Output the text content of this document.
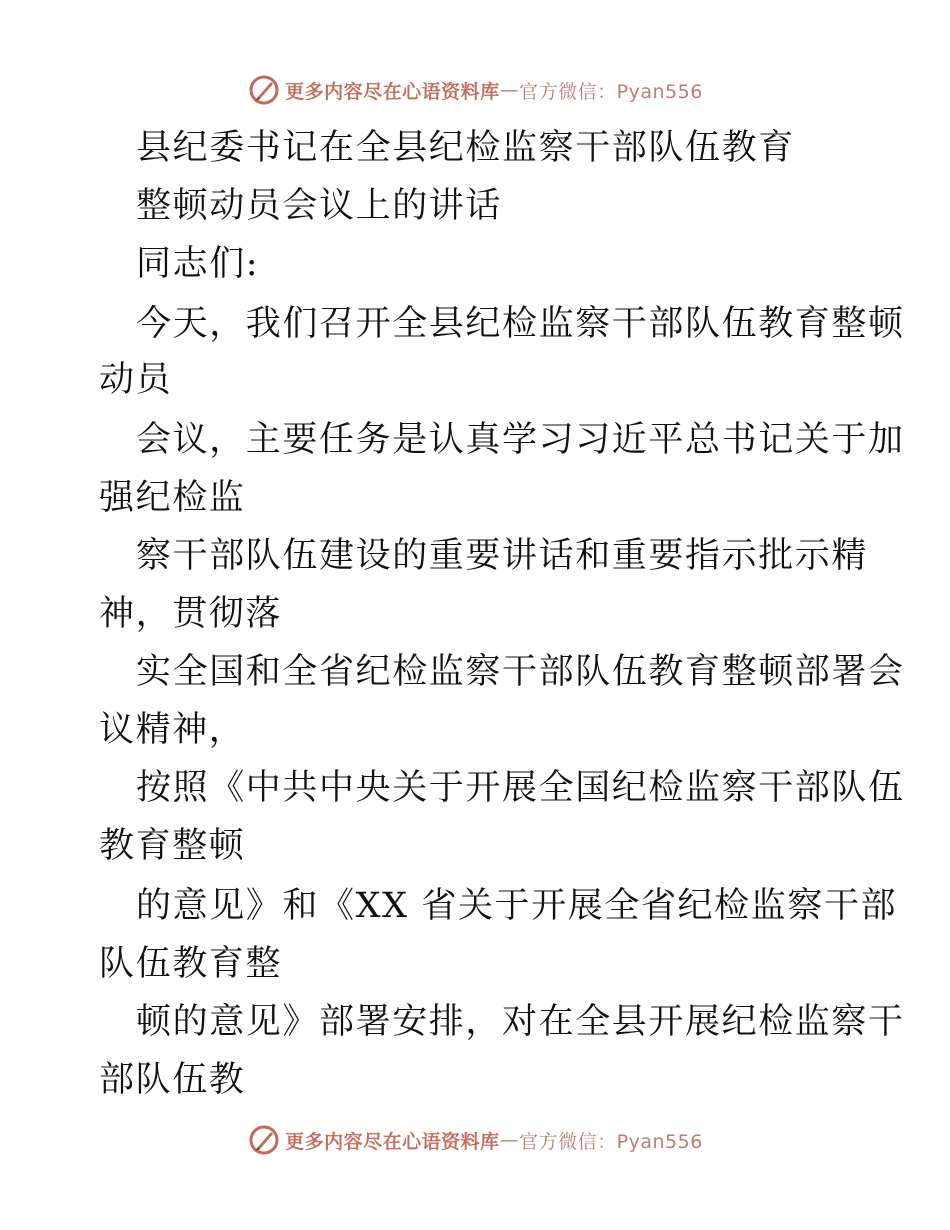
更多内容尽在心语资料库 — 官方微信：Pyan556
县纪委书记在全县纪检监察干部队伍教育
整顿动员会议上的讲话
同志们:
今天，我们召开全县纪检监察干部队伍教育整顿
动员
会议，主要任务是认真学习习近平总书记关于加
强纪检监
察干部队伍建设的重要讲话和重要指示批示精
神，贯彻落
实全国和全省纪检监察干部队伍教育整顿部署会
议精神，
按照《中共中央关于开展全国纪检监察干部队伍
教育整顿
的意见》和《XX 省关于开展全省纪检监察干部
队伍教育整
顿的意见》部署安排，对在全县开展纪检监察干
部队伍教
更多内容尽在心语资料库 — 官方微信：Pyan556
